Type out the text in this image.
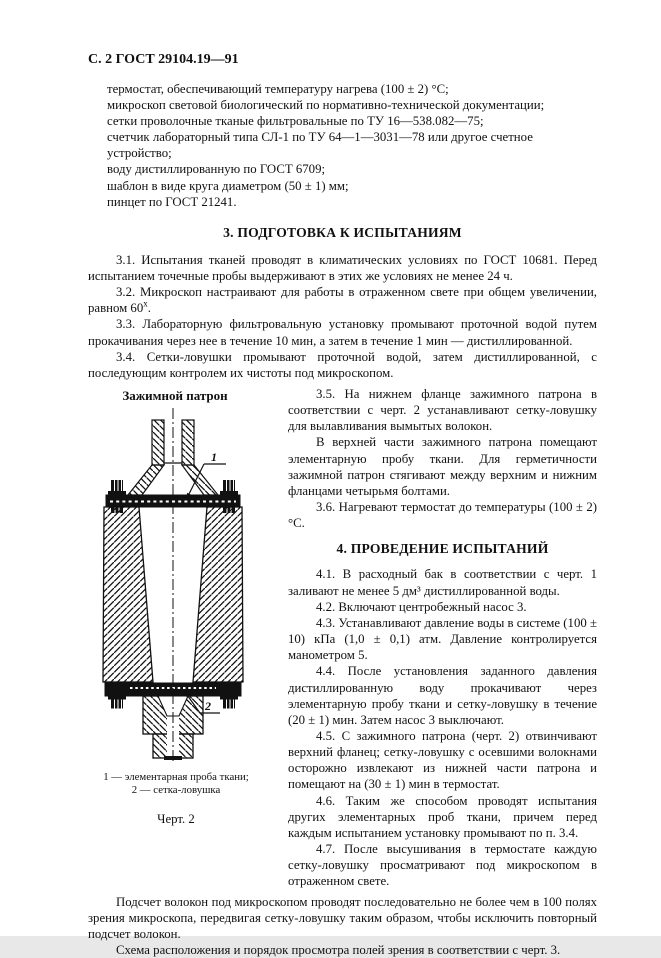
С. 2 ГОСТ 29104.19—91

термостат, обеспечивающий температуру нагрева (100 ± 2) °С;

микроскоп световой биологический по нормативно-технической документации;

сетки проволочные тканые фильтровальные по ТУ 16—538.082—75;

счетчик лабораторный типа СЛ-1 по ТУ 64—1—3031—78 или другое счетное устройство;

воду дистиллированную по ГОСТ 6709;

шаблон в виде круга диаметром (50 ± 1) мм;

пинцет по ГОСТ 21241.

3. ПОДГОТОВКА К ИСПЫТАНИЯМ

3.1. Испытания тканей проводят в климатических условиях по ГОСТ 10681. Перед испытанием точечные пробы выдерживают в этих же условиях не менее 24 ч.

3.2. Микроскоп настраивают для работы в отраженном свете при общем увеличении, равном $60^х$.

3.3. Лабораторную фильтровальную установку промывают проточной водой путем прокачивания через нее в течение 10 мин, а затем в течение 1 мин — дистиллированной.

3.4. Сетки-ловушки промывают проточной водой, затем дистиллированной, с последующим контролем их чистоты под микроскопом.

Зажимной патрон
1
2
1 — элементарная проба ткани;
2 — сетка-ловушка
Черт. 2

3.5. На нижнем фланце зажимного патрона в соответствии с черт. 2 устанавливают сетку-ловушку для вылавливания вымытых волокон.

В верхней части зажимного патрона помещают элементарную пробу ткани. Для герметичности зажимной патрон стягивают между верхним и нижним фланцами четырьмя болтами.

3.6. Нагревают термостат до температуры (100 ± 2) °С.

4. ПРОВЕДЕНИЕ ИСПЫТАНИЙ

4.1. В расходный бак в соответствии с черт. 1 заливают не менее 5 дм³ дистиллированной воды.

4.2. Включают центробежный насос 3.

4.3. Устанавливают давление воды в системе (100 ± 10) кПа (1,0 ± 0,1) атм. Давление контролируется манометром 5.

4.4. После установления заданного давления дистиллированную воду прокачивают через элементарную пробу ткани и сетку-ловушку в течение (20 ± 1) мин. Затем насос 3 выключают.

4.5. С зажимного патрона (черт. 2) отвинчивают верхний фланец; сетку-ловушку с осевшими волокнами осторожно извлекают из нижней части патрона и помещают на (30 ± 1) мин в термостат.

4.6. Таким же способом проводят испытания других элементарных проб ткани, причем перед каждым испытанием установку промывают по п. 3.4.

4.7. После высушивания в термостате каждую сетку-ловушку просматривают под микроскопом в отраженном свете.

Подсчет волокон под микроскопом проводят последовательно не более чем в 100 полях зрения микроскопа, передвигая сетку-ловушку таким образом, чтобы исключить повторный подсчет волокон.

Схема расположения и порядок просмотра полей зрения в соответствии с черт. 3.
